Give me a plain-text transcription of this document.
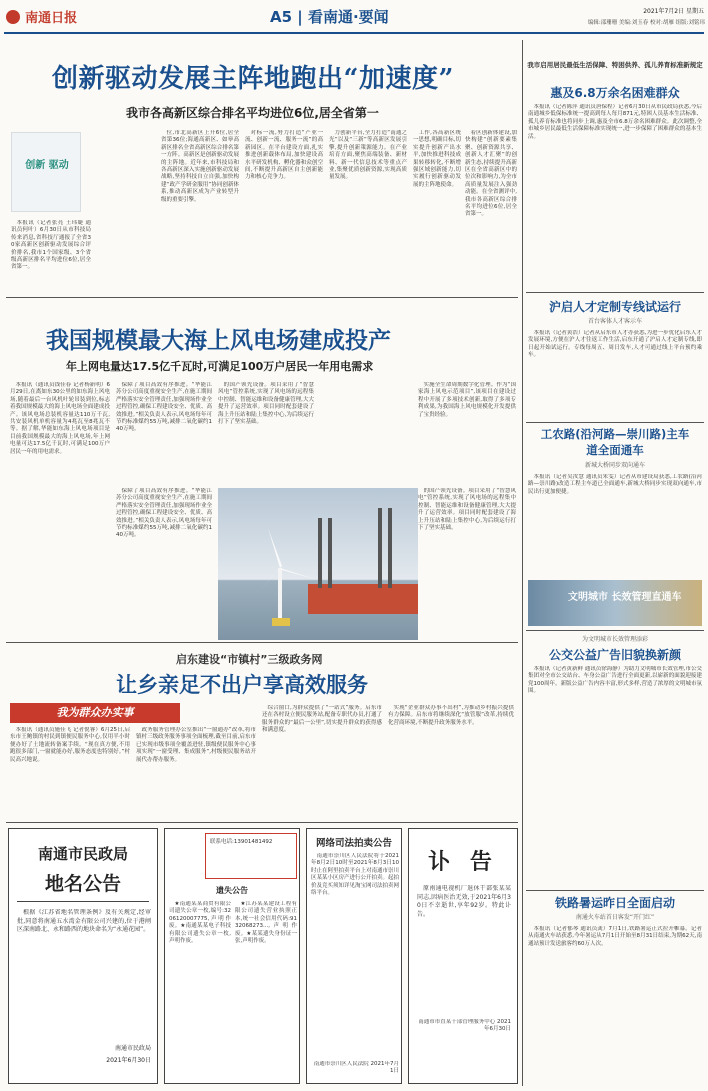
南通日报	A5 | 看南通·要闻	2021年7月2日 星期五
编辑:邵珊珊 美编:刘玉春 校对:胡雁 组版:刘铭玮
创新驱动发展主阵地跑出“加速度”
我市各高新区综合排名平均进位6位,居全省第一
创新 驱动

本报讯（记者张亮 王玮婕 通讯员何叶）6月30日从市科技局传来消息,省科技厅通报了全省30家高新区创新驱动发展综合评价排名,我市1个国家级、3个省级高新区排名平均进位6位,居全省第一。

位,市北高新区上升6位,居全省第36位;海通高新区、如皋高新区排名全省高新区综合排名第一方阵。高新区是创新驱动发展的主阵地。近年来,市科技局和各高新区深入实施创新驱动发展战略,坚持科技自立自强,加快构建“政产学研金服用”协同创新体系,推动高新区成为产业转型升级的重要引擎。

对标一流,努力打造“产业一流、创新一流、服务一流”的高新园区。在平台建设方面,扎实推进创新载体布局,加快建设高水平研发机构、孵化器和众创空间,不断提升高新区自主创新能力和核心竞争力。

力创新平台,全力打造“南通之光”以及“三新”等高新区发展引擎,提升创新策源能力。在产业培育方面,聚焦高端装备、新材料、新一代信息技术等重点产业,集聚优质创新资源,实现高质量发展。

工作,各高新区统一思想,明确目标,切实提升创新产出水平,加快推进科技成果转移转化,不断增强区域创新能力,切实履行创新驱动发展的主阵地使命。

着区创新体建设,加快构建“创新要素集聚、创新资源共享、创新人才汇聚”的创新生态,持续提升高新区在全省高新区中的位次和影响力,为全市高质量发展注入强劲动能。在全省测评中,我市各高新区综合排名平均进位6位,居全省第一。

我国规模最大海上风电场建成投产
年上网电量达17.5亿千瓦时,可满足100万户居民一年用电需求

本报讯（通讯员钱佳春 记者杨新明）6月29日,在离如东30公里的如东海上风电场,随着最后一台风机叶轮吊装到位,标志着我国规模最大的海上风电场全面建成投产。该风电场总装机容量达110万千瓦,共安装风机单机容量为4兆瓦至8兆瓦不等。据了解,华能如东海上风电场项目是目前我国规模最大的海上风电场,年上网电量可达17.5亿千瓦时,可满足100万户居民一年的用电需求。

保障了项目高效有序推进。“华能江苏分公司高度重视安全生产,在施工期间严格落实安全管理责任,加强现场作业全过程管控,确保工程建设安全、优质、高效推进。”相关负责人表示,风电场每年可节约标准煤约55万吨,减排二氧化碳约140万吨。

的国产领先设备。项目采用了“智慧风电”管控系统,实现了风电场的远程集中控制、智能运维和设备健康管理,大大提升了运营效率。项目同时配套建设了海上升压站和陆上集控中心,为后续运行打下了坚实基础。

实施全生命周期数字化管理。作为“国家海上风电示范项目”,该项目在建设过程中开展了多项技术创新,取得了多项专利成果,为我国海上风电规模化开发提供了宝贵经验。

保障了项目高效有序推进。“华能江苏分公司高度重视安全生产,在施工期间严格落实安全管理责任,加强现场作业全过程管控,确保工程建设安全、优质、高效推进。”相关负责人表示,风电场每年可节约标准煤约55万吨,减排二氧化碳约140万吨。

的国产领先设备。项目采用了“智慧风电”管控系统,实现了风电场的远程集中控制、智能运维和设备健康管理,大大提升了运营效率。项目同时配套建设了海上升压站和陆上集控中心,为后续运行打下了坚实基础。

启东建设“市镇村”三级政务网
让乡亲足不出户享高效服务
我为群众办实事

本报讯（通讯员施佳飞 记者倪睿）6月25日,启东市王鲍镇的村民到镇便民服务中心,仅用半小时便办好了土地流转备案手续。“现在真方便,不用跑很多部门,一窗就能办好,服务态度也特别好。”村民高兴地说。

政务服务管理办公室推出“一窗通办”改革,将市镇村三级政务服务事项全面梳理,截至目前,启东市已实现市级事项全覆盖进驻,镇级便民服务中心事项实现“一窗受理、集成服务”,村级便民服务站开展代办帮办服务。

综合窗口,为群众提供了“一站式”服务。启东市还在各村设立便民服务站,配备专职代办员,打通了服务群众的“最后一公里”,切实提升群众的获得感和满意度。

实现“企业群众办事不出村”,为推动乡村振兴提供有力保障。启东市将继续深化“放管服”改革,持续优化营商环境,不断提升政务服务水平。

南通市民政局
地名公告

根据《江苏省地名管理条例》及有关规定,经审批,同意将南通五水湾金有限公司兴建的,位于港闸区深南路北、永和路西的地块命名为“永通花园”。

南通市民政局
2021年6月30日
联系电话:13901481492
遗失公告

★南通某某商贸有限公司遗失公章一枚,编号:3206120007775,声明作废。★南通某某电子科技有限公司遗失公章一枚,声明作废。

★江苏某某建设工程有限公司遗失营业执照正本,统一社会信用代码:9132068273...,声明作废。★某某遗失身份证一张,声明作废。

网络司法拍卖公告

南通市崇川区人民法院将于2021年8月2日10时至2021年8月3日10时止在阿里拍卖平台上对南通市崇川区某某小区房产进行公开拍卖。起拍价及竞买须知详见淘宝网司法拍卖网络平台。

南通市崇川区人民法院 2021年7月1日
讣 告

原南通电视机厂退休干部张某某同志,因病医治无效,于2021年6月30日不幸逝世,享年92岁。特此讣告。

南通市市直某干部管理服务中心 2021年6月30日
我市启用居民最低生活保障、特困供养、孤儿养育标准新规定
惠及6.8万余名困难群众

本报讯（记者陈萍 通讯员唐保程）记者6月30日从市民政局获悉,今后南通城乡低保标准统一提高到每人每月871元,特困人员基本生活标准、孤儿养育标准也将同步上调,惠及全市6.8万余名困难群众。此次调整,全市城乡居民最低生活保障标准实现统一,进一步保障了困难群众的基本生活。

沪启人才定制专线试运行
首台客体人才客示车

本报讯（记者黄浩）记者从启东市人才办获悉,为进一步优化启东人才发展环境,方便在沪人才往返工作生活,启东开通了沪启人才定制专线,即日起开始试运行。专线每周五、周日发车,人才可通过线上平台预约乘车。

工农路(沿河路—崇川路)主车道全面通车
新城大桥同步双向通车

本报讯（记者吴汝慧 通讯员朱雯）记者从市建设局获悉,工农路(沿河路—崇川路)改造工程主车道已全面通车,新城大桥同步实现双向通车,市民出行更加便捷。

文明城市 长效管理直通车
为文明城市长效管理添彩
公交公益广告旧貌换新颜

本报讯（记者黄新鲜 通讯员徐海静）为助力文明城市长效管理,市公交集团对全市公交站台、车身公益广告进行全面更新,以崭新的面貌迎接建党100周年。新版公益广告内容丰富,形式多样,营造了浓厚的文明城市氛围。

铁路暑运昨日全面启动
南通火车站首日客发“开门红”

本报讯（记者郁琴 通讯员龚）7月1日,铁路暑运正式拉开帷幕。记者从南通火车站获悉,今年暑运从7月1日开始至8月31日结束,为期62天,南通站预计发送旅客约60万人次。
